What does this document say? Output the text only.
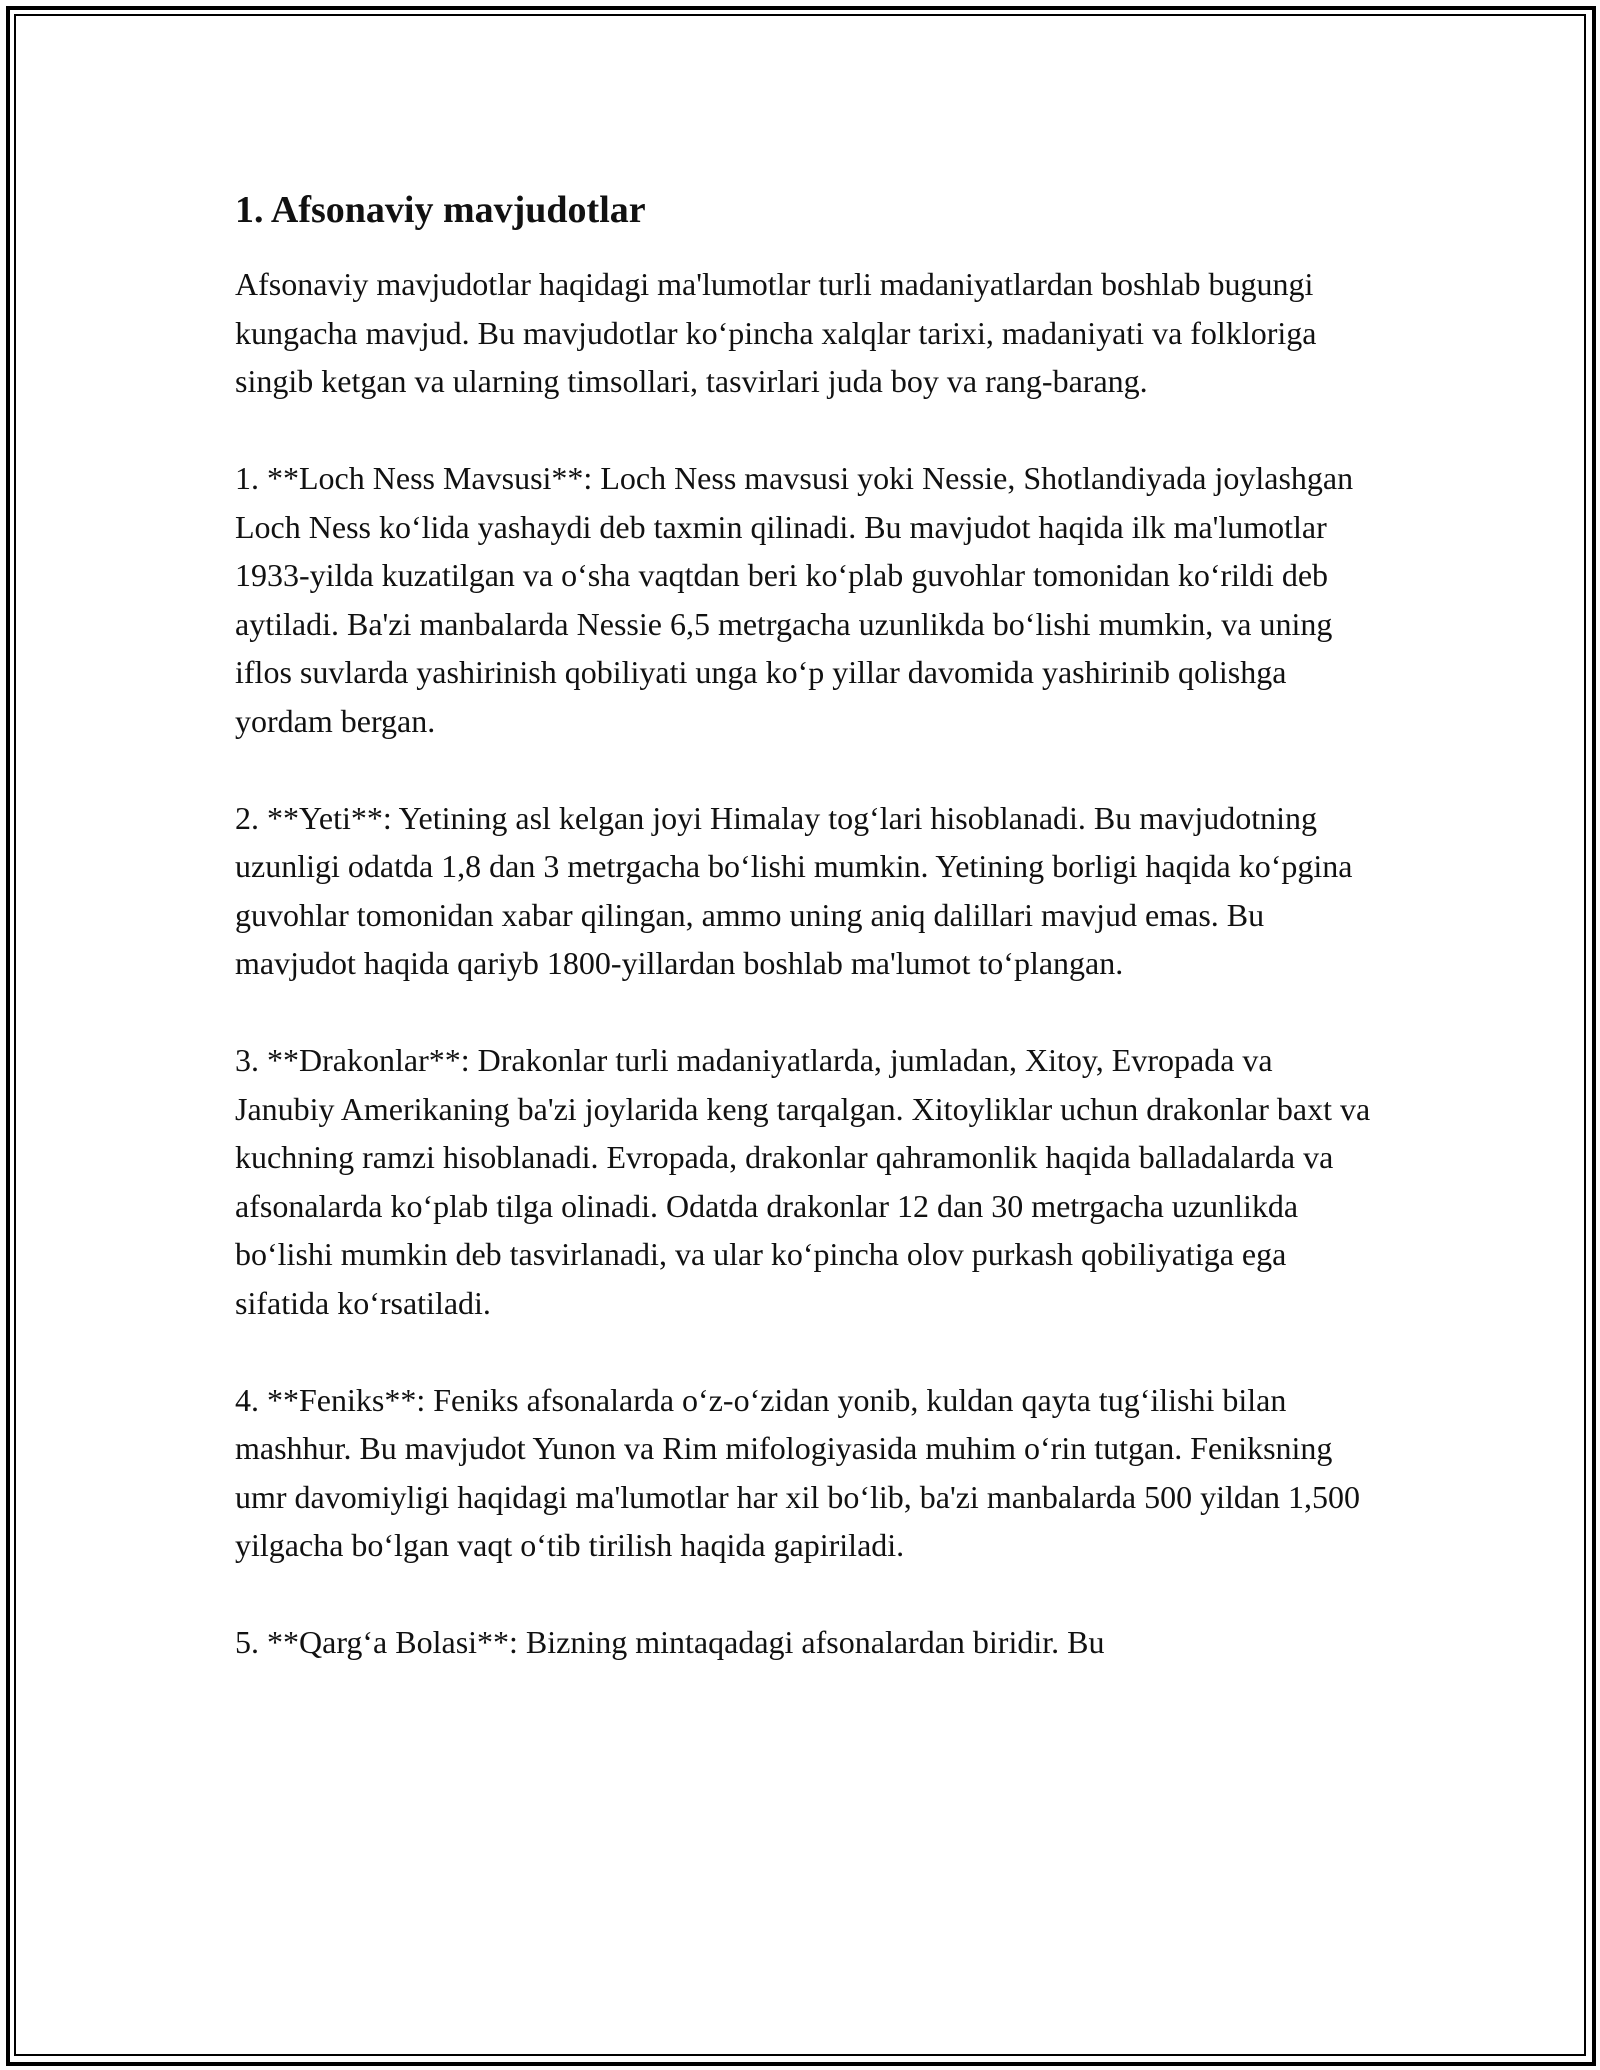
1. Afsonaviy mavjudotlar

Afsonaviy mavjudotlar haqidagi ma'lumotlar turli madaniyatlardan boshlab bugungi kungacha mavjud. Bu mavjudotlar ko‘pincha xalqlar tarixi, madaniyati va folkloriga singib ketgan va ularning timsollari, tasvirlari juda boy va rang-barang.

1. **Loch Ness Mavsusi**: Loch Ness mavsusi yoki Nessie, Shotlandiyada joylashgan Loch Ness ko‘lida yashaydi deb taxmin qilinadi. Bu mavjudot haqida ilk ma'lumotlar 1933-yilda kuzatilgan va o‘sha vaqtdan beri ko‘plab guvohlar tomonidan ko‘rildi deb aytiladi. Ba'zi manbalarda Nessie 6,5 metrgacha uzunlikda bo‘lishi mumkin, va uning iflos suvlarda yashirinish qobiliyati unga ko‘p yillar davomida yashirinib qolishga yordam bergan.

2. **Yeti**: Yetining asl kelgan joyi Himalay tog‘lari hisoblanadi. Bu mavjudotning uzunligi odatda 1,8 dan 3 metrgacha bo‘lishi mumkin. Yetining borligi haqida ko‘pgina guvohlar tomonidan xabar qilingan, ammo uning aniq dalillari mavjud emas. Bu mavjudot haqida qariyb 1800-yillardan boshlab ma'lumot to‘plangan.

3. **Drakonlar**: Drakonlar turli madaniyatlarda, jumladan, Xitoy, Evropada va Janubiy Amerikaning ba'zi joylarida keng tarqalgan. Xitoyliklar uchun drakonlar baxt va kuchning ramzi hisoblanadi. Evropada, drakonlar qahramonlik haqida balladalarda va afsonalarda ko‘plab tilga olinadi. Odatda drakonlar 12 dan 30 metrgacha uzunlikda bo‘lishi mumkin deb tasvirlanadi, va ular ko‘pincha olov purkash qobiliyatiga ega sifatida ko‘rsatiladi.

4. **Feniks**: Feniks afsonalarda o‘z-o‘zidan yonib, kuldan qayta tug‘ilishi bilan mashhur. Bu mavjudot Yunon va Rim mifologiyasida muhim o‘rin tutgan. Feniksning umr davomiyligi haqidagi ma'lumotlar har xil bo‘lib, ba'zi manbalarda 500 yildan 1,500 yilgacha bo‘lgan vaqt o‘tib tirilish haqida gapiriladi.

5. **Qarg‘a Bolasi**: Bizning mintaqadagi afsonalardan biridir. Bu
